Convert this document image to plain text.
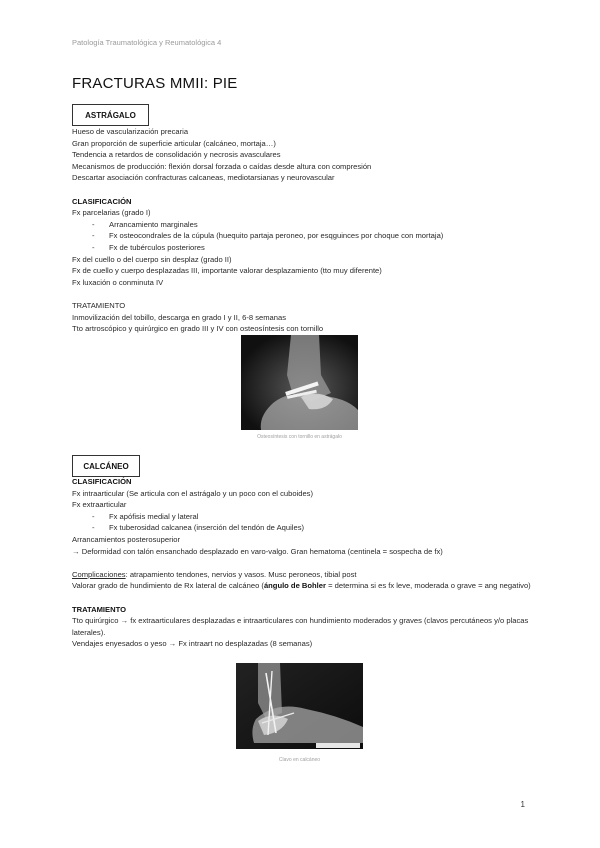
Patología Traumatológica y Reumatológica 4
FRACTURAS MMII: PIE
ASTRÁGALO

Hueso de vascularización precaria

Gran proporción de superficie articular (calcáneo, mortaja…)

Tendencia a retardos de consolidación y necrosis avasculares

Mecanismos de producción: flexión dorsal forzada o caídas desde altura con compresión

Descartar asociación confracturas calcaneas, mediotarsianas y neurovascular

CLASIFICACIÓN

Fx parcelarias (grado I)

- Arrancamiento marginales

- Fx osteocondrales de la cúpula (huequito partaja peroneo, por esqguinces por choque con mortaja)

- Fx de tubérculos posteriores

Fx del cuello o del cuerpo sin desplaz (grado II)

Fx de cuello y cuerpo desplazadas III, importante valorar desplazamiento (tto muy diferente)

Fx luxación o conminuta IV

TRATAMIENTO

Inmovilización del tobillo, descarga en grado I y II, 6-8 semanas

Tto artroscópico y quirúrgico en grado III y IV con osteosíntesis con tornillo

Osteosíntesis con tornillo en astrágalo
CALCÁNEO

CLASIFICACIÓN

Fx intraarticular (Se articula con el astrágalo y un poco con el cuboides)

Fx extraarticular

- Fx apófisis medial y lateral

- Fx tuberosidad calcanea (inserción del tendón de Aquiles)

Arrancamientos posterosuperior

→ Deformidad con talón ensanchado desplazado en varo-valgo. Gran hematoma (centinela = sospecha de fx)

Complicaciones: atrapamiento tendones, nervios y vasos. Musc peroneos, tibial post

Valorar grado de hundimiento de Rx lateral de calcáneo (ángulo de Bohler = determina si es fx leve, moderada o grave = ang negativo)

TRATAMIENTO

Tto quirúrgico → fx extraarticulares desplazadas e intraarticulares con hundimiento moderados y graves (clavos percutáneos y/o placas laterales).

Vendajes enyesados o yeso → Fx intraart no desplazadas (8 semanas)

Clavo en calcáneo
1
